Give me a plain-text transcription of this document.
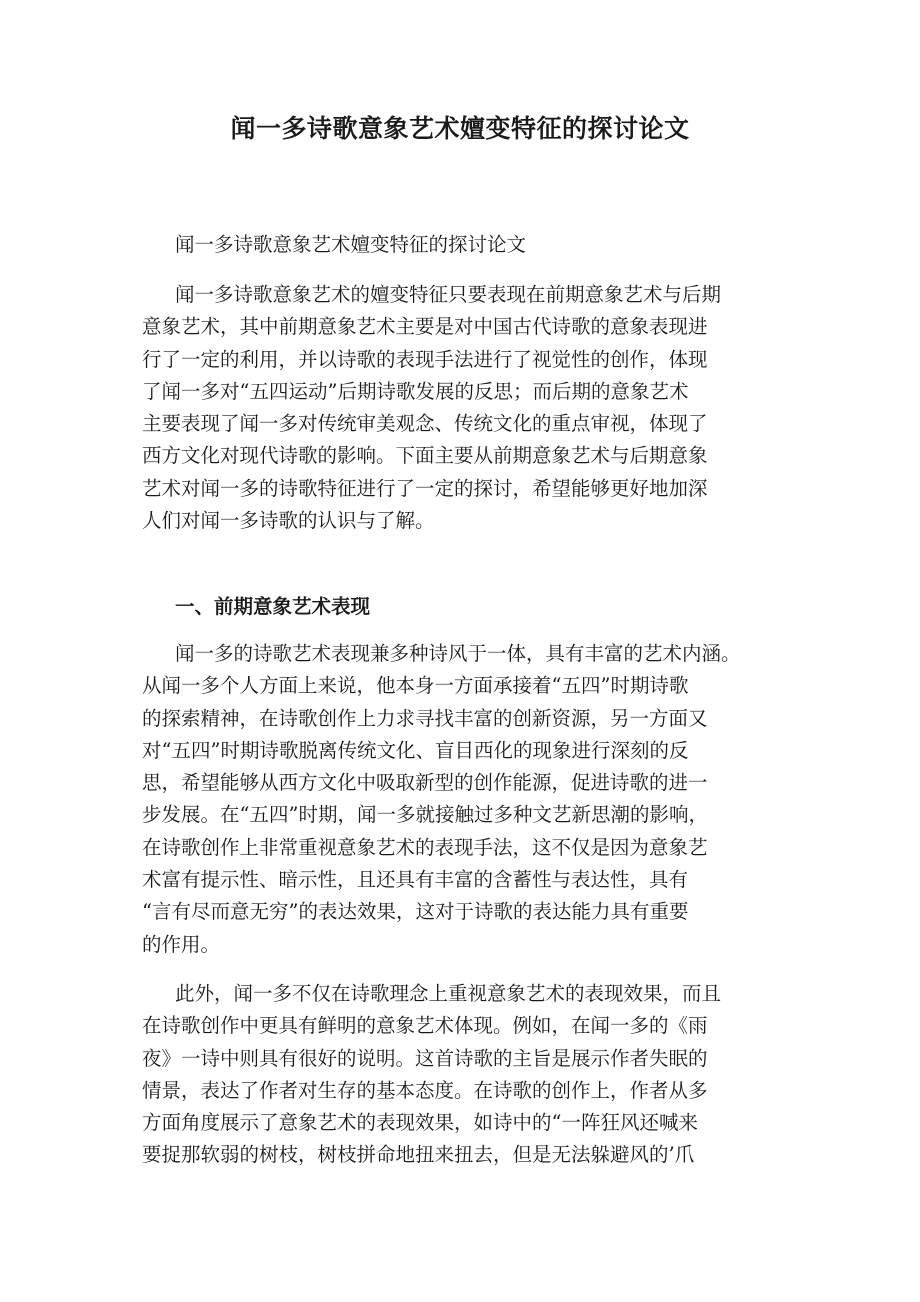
闻一多诗歌意象艺术嬗变特征的探讨论文

闻一多诗歌意象艺术嬗变特征的探讨论文

闻一多诗歌意象艺术的嬗变特征只要表现在前期意象艺术与后期
意象艺术，其中前期意象艺术主要是对中国古代诗歌的意象表现进
行了一定的利用，并以诗歌的表现手法进行了视觉性的创作，体现
了闻一多对“五四运动”后期诗歌发展的反思；而后期的意象艺术
主要表现了闻一多对传统审美观念、传统文化的重点审视，体现了
西方文化对现代诗歌的影响。下面主要从前期意象艺术与后期意象
艺术对闻一多的诗歌特征进行了一定的探讨，希望能够更好地加深
人们对闻一多诗歌的认识与了解。
一、前期意象艺术表现
闻一多的诗歌艺术表现兼多种诗风于一体，具有丰富的艺术内涵。
从闻一多个人方面上来说，他本身一方面承接着“五四”时期诗歌
的探索精神，在诗歌创作上力求寻找丰富的创新资源，另一方面又
对“五四”时期诗歌脱离传统文化、盲目西化的现象进行深刻的反
思，希望能够从西方文化中吸取新型的创作能源，促进诗歌的进一
步发展。在“五四”时期，闻一多就接触过多种文艺新思潮的影响，
在诗歌创作上非常重视意象艺术的表现手法，这不仅是因为意象艺
术富有提示性、暗示性，且还具有丰富的含蓄性与表达性，具有
“言有尽而意无穷”的表达效果，这对于诗歌的表达能力具有重要
的作用。
此外，闻一多不仅在诗歌理念上重视意象艺术的表现效果，而且
在诗歌创作中更具有鲜明的意象艺术体现。例如，在闻一多的《雨
夜》一诗中则具有很好的说明。这首诗歌的主旨是展示作者失眠的
情景，表达了作者对生存的基本态度。在诗歌的创作上，作者从多
方面角度展示了意象艺术的表现效果，如诗中的“一阵狂风还喊来
要捉那软弱的树枝，树枝拼命地扭来扭去，但是无法躲避风的’爪
